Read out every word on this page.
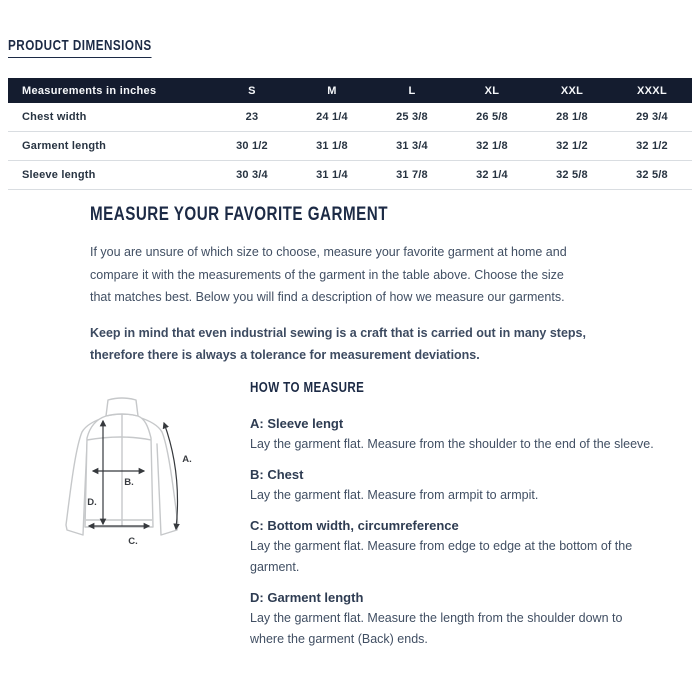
PRODUCT DIMENSIONS
Measurements in inches	S	M	L	XL	XXL	XXXL
Chest width	23	24 1/4	25 3/8	26 5/8	28 1/8	29 3/4
Garment length	30 1/2	31 1/8	31 3/4	32 1/8	32 1/2	32 1/2
Sleeve length	30 3/4	31 1/4	31 7/8	32 1/4	32 5/8	32 5/8
MEASURE YOUR FAVORITE GARMENT

If you are unsure of which size to choose, measure your favorite garment at home and compare it with the measurements of the garment in the table above. Choose the size that matches best. Below you will find a description of how we measure our garments.

Keep in mind that even industrial sewing is a craft that is carried out in many steps, therefore there is always a tolerance for measurement deviations.

A.
B.
C.
D.
HOW TO MEASURE
A: Sleeve lengt
Lay the garment flat. Measure from the shoulder to the end of the sleeve.
B: Chest
Lay the garment flat. Measure from armpit to armpit.
C: Bottom width, circumreference
Lay the garment flat. Measure from edge to edge at the bottom of the garment.
D: Garment length
Lay the garment flat. Measure the length from the shoulder down to where the garment (Back) ends.
